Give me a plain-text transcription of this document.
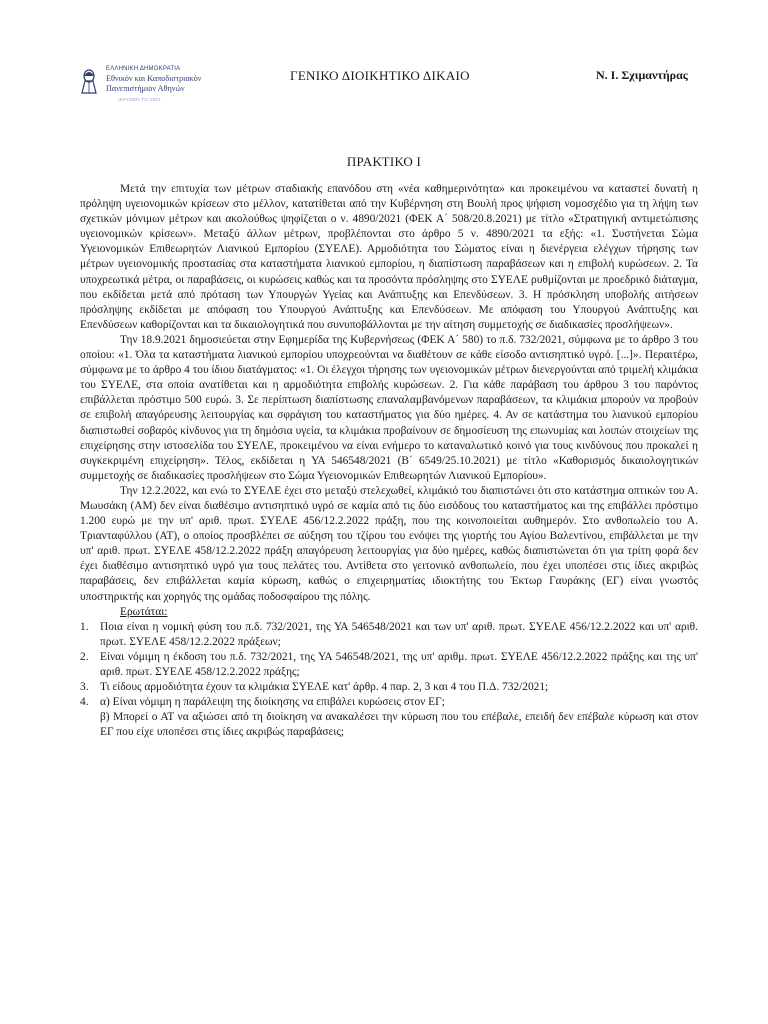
ΕΛΛΗΝΙΚΗ ΔΗΜΟΚΡΑΤΙΑ
Εθνικόν και Καποδιστριακόν
Πανεπιστήμιον Αθηνών
ΙΔΡΥΘΕΝ ΤΟ 1837
ΓΕΝΙΚΟ ΔΙΟΙΚΗΤΙΚΟ ΔΙΚΑΙΟ	Ν. Ι. Σχιμαντήρας
ΠΡΑΚΤΙΚΟ Ι

Μετά την επιτυχία των μέτρων σταδιακής επανόδου στη «νέα καθημερινότητα» και προκειμένου να καταστεί δυνατή η πρόληψη υγειονομικών κρίσεων στο μέλλον, κατατίθεται από την Κυβέρνηση στη Βουλή προς ψήφιση νομοσχέδιο για τη λήψη των σχετικών μόνιμων μέτρων και ακολούθως ψηφίζεται ο ν. 4890/2021 (ΦΕΚ Α΄ 508/20.8.2021) με τίτλο «Στρατηγική αντιμετώπισης υγειονομικών κρίσεων». Μεταξύ άλλων μέτρων, προβλέπονται στο άρθρο 5 ν. 4890/2021 τα εξής: «1. Συστήνεται Σώμα Υγειονομικών Επιθεωρητών Λιανικού Εμπορίου (ΣΥΕΛΕ). Αρμοδιότητα του Σώματος είναι η διενέργεια ελέγχων τήρησης των μέτρων υγειονομικής προστασίας στα καταστήματα λιανικού εμπορίου, η διαπίστωση παραβάσεων και η επιβολή κυρώσεων. 2. Τα υποχρεωτικά μέτρα, οι παραβάσεις, οι κυρώσεις καθώς και τα προσόντα πρόσληψης στο ΣΥΕΛΕ ρυθμίζονται με προεδρικό διάταγμα, που εκδίδεται μετά από πρόταση των Υπουργών Υγείας και Ανάπτυξης και Επενδύσεων. 3. Η πρόσκληση υποβολής αιτήσεων πρόσληψης εκδίδεται με απόφαση του Υπουργού Ανάπτυξης και Επενδύσεων. Με απόφαση του Υπουργού Ανάπτυξης και Επενδύσεων καθορίζονται και τα δικαιολογητικά που συνυποβάλλονται με την αίτηση συμμετοχής σε διαδικασίες προσλήψεων».

Την 18.9.2021 δημοσιεύεται στην Εφημερίδα της Κυβερνήσεως (ΦΕΚ Α΄ 580) το π.δ. 732/2021, σύμφωνα με το άρθρο 3 του οποίου: «1. Όλα τα καταστήματα λιανικού εμπορίου υποχρεούνται να διαθέτουν σε κάθε είσοδο αντισηπτικό υγρό. [...]». Περαιτέρω, σύμφωνα με το άρθρο 4 του ίδιου διατάγματος: «1. Οι έλεγχοι τήρησης των υγειονομικών μέτρων διενεργούνται από τριμελή κλιμάκια του ΣΥΕΛΕ, στα οποία ανατίθεται και η αρμοδιότητα επιβολής κυρώσεων. 2. Για κάθε παράβαση του άρθρου 3 του παρόντος επιβάλλεται πρόστιμο 500 ευρώ. 3. Σε περίπτωση διαπίστωσης επαναλαμβανόμενων παραβάσεων, τα κλιμάκια μπορούν να προβούν σε επιβολή απαγόρευσης λειτουργίας και σφράγιση του καταστήματος για δύο ημέρες. 4. Αν σε κατάστημα του λιανικού εμπορίου διαπιστωθεί σοβαρός κίνδυνος για τη δημόσια υγεία, τα κλιμάκια προβαίνουν σε δημοσίευση της επωνυμίας και λοιπών στοιχείων της επιχείρησης στην ιστοσελίδα του ΣΥΕΛΕ, προκειμένου να είναι ενήμερο το καταναλωτικό κοινό για τους κινδύνους που προκαλεί η συγκεκριμένη επιχείρηση». Τέλος, εκδίδεται η ΥΑ 546548/2021 (Β΄ 6549/25.10.2021) με τίτλο «Καθορισμός δικαιολογητικών συμμετοχής σε διαδικασίες προσλήψεων στο Σώμα Υγειονομικών Επιθεωρητών Λιανικού Εμπορίου».

Την 12.2.2022, και ενώ το ΣΥΕΛΕ έχει στο μεταξύ στελεχωθεί, κλιμάκιό του διαπιστώνει ότι στο κατάστημα οπτικών του Α. Μωυσάκη (ΑΜ) δεν είναι διαθέσιμο αντισηπτικό υγρό σε καμία από τις δύο εισόδους του καταστήματος και της επιβάλλει πρόστιμο 1.200 ευρώ με την υπ' αριθ. πρωτ. ΣΥΕΛΕ 456/12.2.2022 πράξη, που της κοινοποιείται αυθημερόν. Στο ανθοπωλείο του Α. Τριανταφύλλου (ΑΤ), ο οποίος προσβλέπει σε αύξηση του τζίρου του ενόψει της γιορτής του Αγίου Βαλεντίνου, επιβάλλεται με την υπ' αριθ. πρωτ. ΣΥΕΛΕ 458/12.2.2022 πράξη απαγόρευση λειτουργίας για δύο ημέρες, καθώς διαπιστώνεται ότι για τρίτη φορά δεν έχει διαθέσιμο αντισηπτικό υγρό για τους πελάτες του. Αντίθετα στο γειτονικό ανθοπωλείο, που έχει υποπέσει στις ίδιες ακριβώς παραβάσεις, δεν επιβάλλεται καμία κύρωση, καθώς ο επιχειρηματίας ιδιοκτήτης του Έκτωρ Γαυράκης (ΕΓ) είναι γνωστός υποστηρικτής και χορηγός της ομάδας ποδοσφαίρου της πόλης.

Ερωτάται:

1. Ποια είναι η νομική φύση του π.δ. 732/2021, της ΥΑ 546548/2021 και των υπ' αριθ. πρωτ. ΣΥΕΛΕ 456/12.2.2022 και υπ' αριθ. πρωτ. ΣΥΕΛΕ 458/12.2.2022 πράξεων;
2. Είναι νόμιμη η έκδοση του π.δ. 732/2021, της ΥΑ 546548/2021, της υπ' αριθμ. πρωτ. ΣΥΕΛΕ 456/12.2.2022 πράξης και της υπ' αριθ. πρωτ. ΣΥΕΛΕ 458/12.2.2022 πράξης;
3. Τι είδους αρμοδιότητα έχουν τα κλιμάκια ΣΥΕΛΕ κατ' άρθρ. 4 παρ. 2, 3 και 4 του Π.Δ. 732/2021;
4. α) Είναι νόμιμη η παράλειψη της διοίκησης να επιβάλει κυρώσεις στον ΕΓ;
β) Μπορεί ο ΑΤ να αξιώσει από τη διοίκηση να ανακαλέσει την κύρωση που του επέβαλε, επειδή δεν επέβαλε κύρωση και στον ΕΓ που είχε υποπέσει στις ίδιες ακριβώς παραβάσεις;
